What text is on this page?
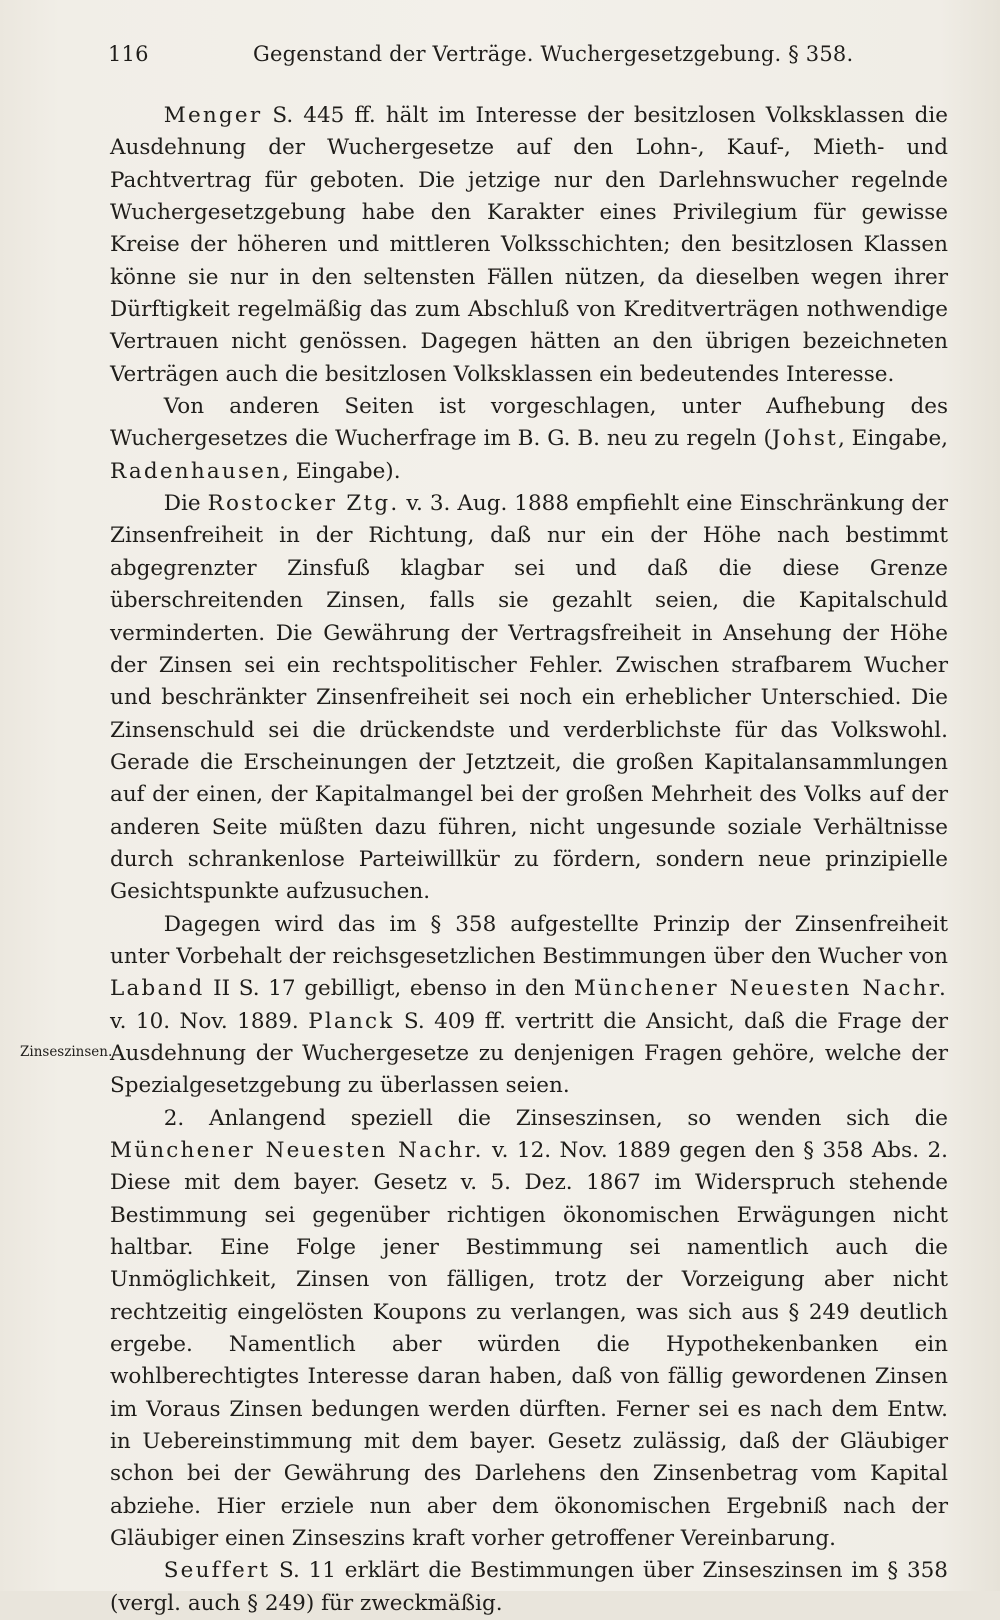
116	Gegenstand der Verträge. Wuchergesetzgebung. § 358.
Zinseszinsen.

Menger S. 445 ff. hält im Interesse der besitzlosen Volksklassen die Ausdehnung der Wuchergesetze auf den Lohn-, Kauf-, Mieth- und Pachtvertrag für geboten. Die jetzige nur den Darlehnswucher regelnde Wuchergesetzgebung habe den Karakter eines Privilegium für gewisse Kreise der höheren und mittleren Volksschichten; den besitzlosen Klassen könne sie nur in den seltensten Fällen nützen, da dieselben wegen ihrer Dürftigkeit regelmäßig das zum Abschluß von Kreditverträgen nothwendige Vertrauen nicht genössen. Dagegen hätten an den übrigen bezeichneten Verträgen auch die besitzlosen Volksklassen ein bedeutendes Interesse.

Von anderen Seiten ist vorgeschlagen, unter Aufhebung des Wuchergesetzes die Wucherfrage im B. G. B. neu zu regeln (Johst, Eingabe, Radenhausen, Eingabe).

Die Rostocker Ztg. v. 3. Aug. 1888 empfiehlt eine Einschränkung der Zinsenfreiheit in der Richtung, daß nur ein der Höhe nach bestimmt abgegrenzter Zinsfuß klagbar sei und daß die diese Grenze überschreitenden Zinsen, falls sie gezahlt seien, die Kapitalschuld verminderten. Die Gewährung der Vertragsfreiheit in Ansehung der Höhe der Zinsen sei ein rechtspolitischer Fehler. Zwischen strafbarem Wucher und beschränkter Zinsenfreiheit sei noch ein erheblicher Unterschied. Die Zinsenschuld sei die drückendste und verderblichste für das Volkswohl. Gerade die Erscheinungen der Jetztzeit, die großen Kapitalansammlungen auf der einen, der Kapitalmangel bei der großen Mehrheit des Volks auf der anderen Seite müßten dazu führen, nicht ungesunde soziale Verhältnisse durch schrankenlose Parteiwillkür zu fördern, sondern neue prinzipielle Gesichtspunkte aufzusuchen.

Dagegen wird das im § 358 aufgestellte Prinzip der Zinsenfreiheit unter Vorbehalt der reichsgesetzlichen Bestimmungen über den Wucher von Laband II S. 17 gebilligt, ebenso in den Münchener Neuesten Nachr. v. 10. Nov. 1889. Planck S. 409 ff. vertritt die Ansicht, daß die Frage der Ausdehnung der Wuchergesetze zu denjenigen Fragen gehöre, welche der Spezialgesetzgebung zu überlassen seien.

2. Anlangend speziell die Zinseszinsen, so wenden sich die Münchener Neuesten Nachr. v. 12. Nov. 1889 gegen den § 358 Abs. 2. Diese mit dem bayer. Gesetz v. 5. Dez. 1867 im Widerspruch stehende Bestimmung sei gegenüber richtigen ökonomischen Erwägungen nicht haltbar. Eine Folge jener Bestimmung sei namentlich auch die Unmöglichkeit, Zinsen von fälligen, trotz der Vorzeigung aber nicht rechtzeitig eingelösten Koupons zu verlangen, was sich aus § 249 deutlich ergebe. Namentlich aber würden die Hypothekenbanken ein wohlberechtigtes Interesse daran haben, daß von fällig gewordenen Zinsen im Voraus Zinsen bedungen werden dürften. Ferner sei es nach dem Entw. in Uebereinstimmung mit dem bayer. Gesetz zulässig, daß der Gläubiger schon bei der Gewährung des Darlehens den Zinsenbetrag vom Kapital abziehe. Hier erziele nun aber dem ökonomischen Ergebniß nach der Gläubiger einen Zinseszins kraft vorher getroffener Vereinbarung.

Seuffert S. 11 erklärt die Bestimmungen über Zinseszinsen im § 358 (vergl. auch § 249) für zweckmäßig.
